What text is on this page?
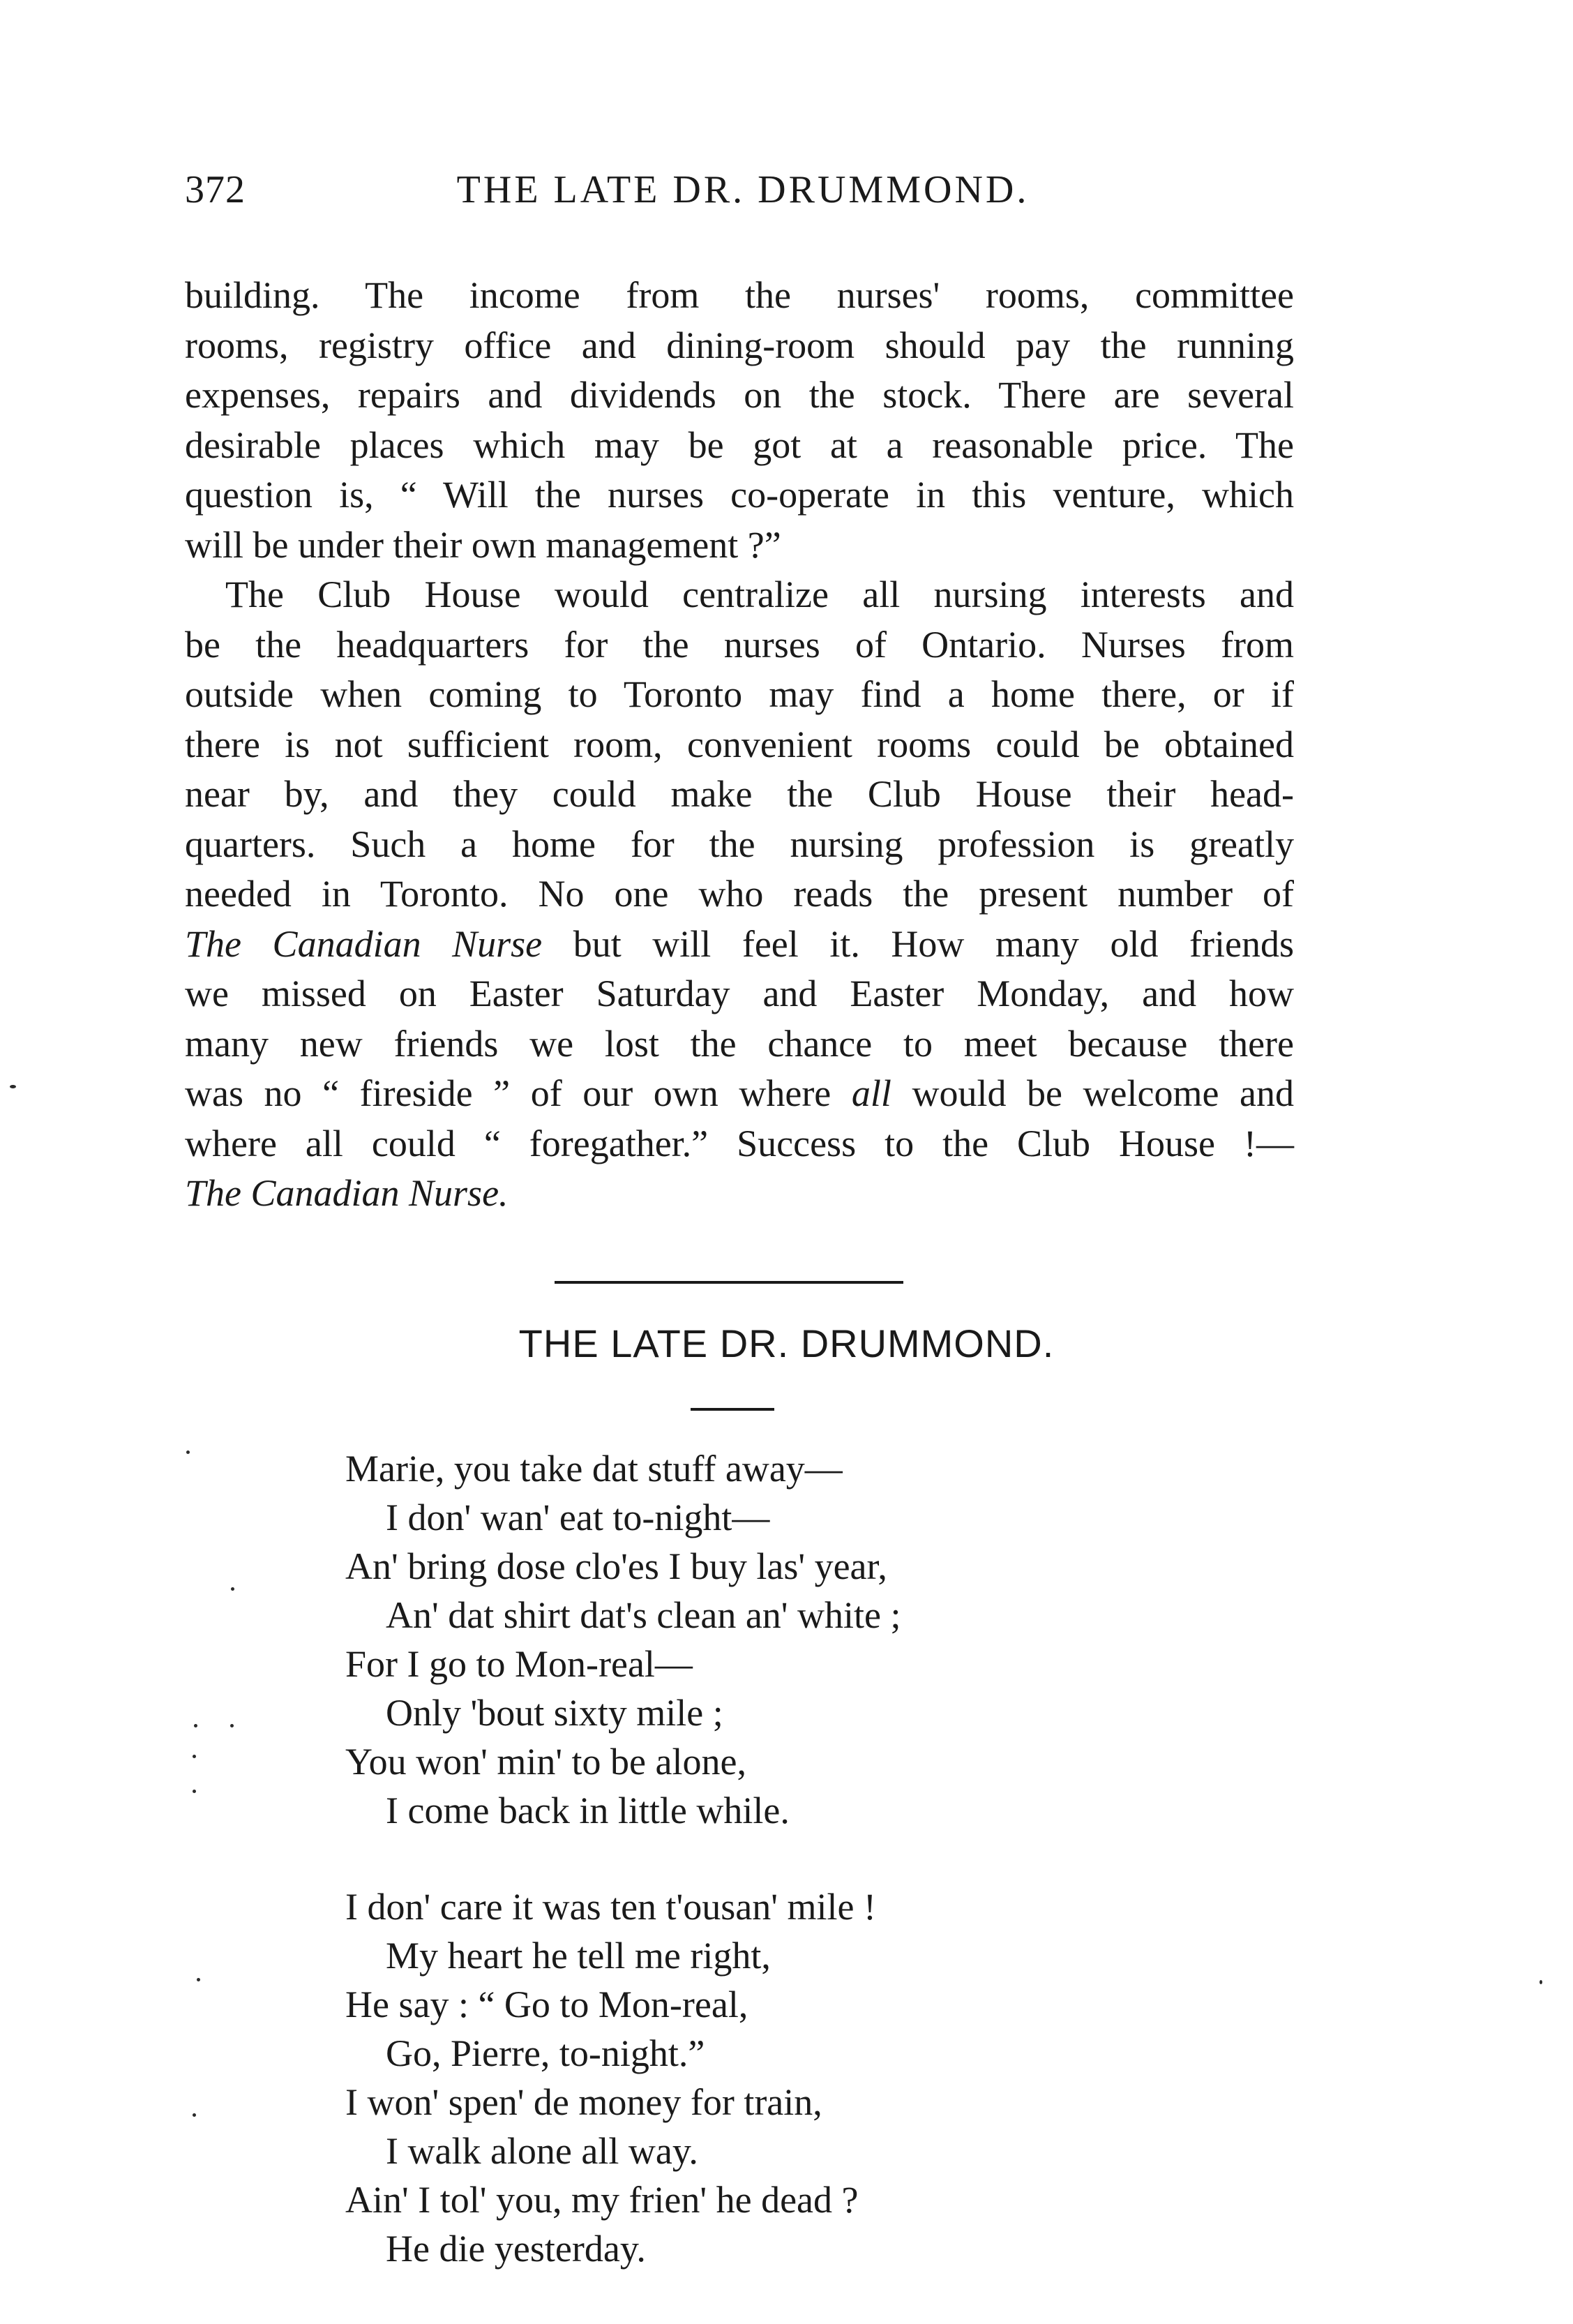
372	THE LATE DR. DRUMMOND.

building. The income from the nurses' rooms, committee
rooms, registry office and dining-room should pay the running
expenses, repairs and dividends on the stock. There are several
desirable places which may be got at a reasonable price. The
question is, “ Will the nurses co-operate in this venture, which
will be under their own management ?”

The Club House would centralize all nursing interests and
be the headquarters for the nurses of Ontario. Nurses from
outside when coming to Toronto may find a home there, or if
there is not sufficient room, convenient rooms could be obtained
near by, and they could make the Club House their head-
quarters. Such a home for the nursing profession is greatly
needed in Toronto. No one who reads the present number of
The Canadian Nurse but will feel it. How many old friends
we missed on Easter Saturday and Easter Monday, and how
many new friends we lost the chance to meet because there
was no “ fireside ” of our own where all would be welcome and
where all could “ foregather.” Success to the Club House !—
The Canadian Nurse.

THE LATE DR. DRUMMOND.
Marie, you take dat stuff away—
I don' wan' eat to-night—
An' bring dose clo'es I buy las' year,
An' dat shirt dat's clean an' white ;
For I go to Mon-real—
Only 'bout sixty mile ;
You won' min' to be alone,
I come back in little while.
I don' care it was ten t'ousan' mile !
My heart he tell me right,
He say : “ Go to Mon-real,
Go, Pierre, to-night.”
I won' spen' de money for train,
I walk alone all way.
Ain' I tol' you, my frien' he dead ?
He die yesterday.
